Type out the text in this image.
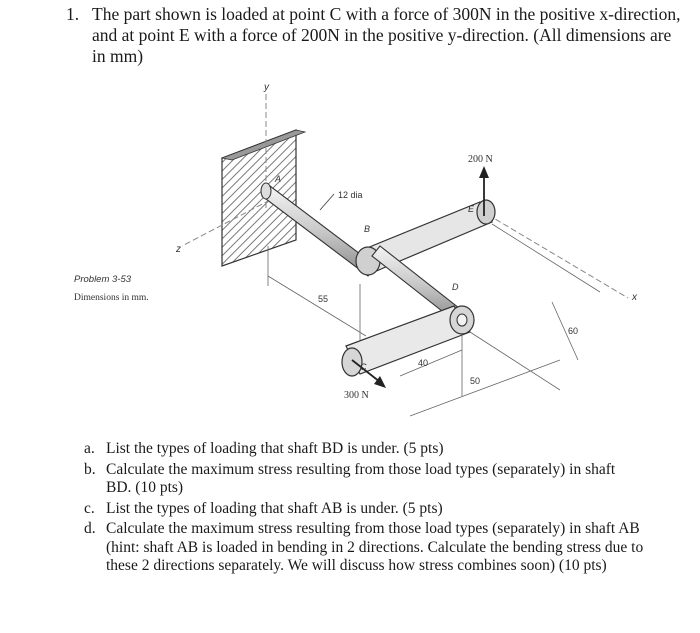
1. The part shown is loaded at point C with a force of 300N in the positive x-direction, and at point E with a force of 200N in the positive y-direction. (All dimensions are in mm)
y
z
x
200 N
300 N
A
B
C
D
E
12 dia
55
40
50
60
Problem 3-53
Dimensions in mm.
a. List the types of loading that shaft BD is under. (5 pts)
b. Calculate the maximum stress resulting from those load types (separately) in shaft BD. (10 pts)
c. List the types of loading that shaft AB is under. (5 pts)
d. Calculate the maximum stress resulting from those load types (separately) in shaft AB (hint: shaft AB is loaded in bending in 2 directions. Calculate the bending stress due to these 2 directions separately. We will discuss how stress combines soon) (10 pts)
